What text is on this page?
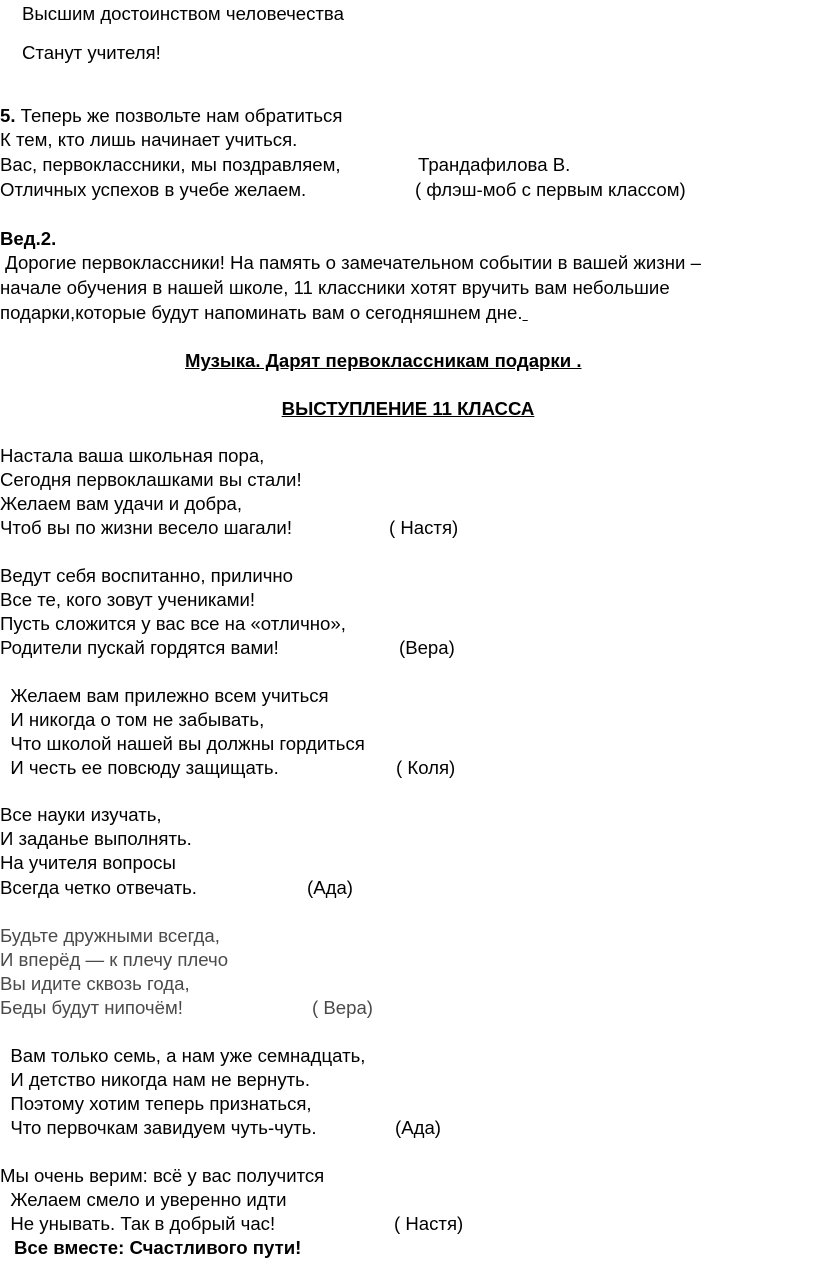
Высшим достоинством человечества
Станут учителя!
5. Теперь же позвольте нам обратиться
К тем, кто лишь начинает учиться.
Вас, первоклассники, мы поздравляем,	Трандафилова В.
Отличных успехов в учебе желаем.	( флэш-моб с первым классом)
Вед.2.
Дорогие первоклассники! На память о замечательном событии в вашей жизни –
начале обучения в нашей школе, 11 классники хотят вручить вам небольшие
подарки,которые будут напоминать вам о сегодняшнем дне.
Музыка. Дарят первоклассникам подарки .
ВЫСТУПЛЕНИЕ 11 КЛАССА
Настала ваша школьная пора,
Сегодня первоклашками вы стали!
Желаем вам удачи и добра,
Чтоб вы по жизни весело шагали!	( Настя)
Ведут себя воспитанно, прилично
Все те, кого зовут учениками!
Пусть сложится у вас все на «отлично»,
Родители пускай гордятся вами!	(Вера)
Желаем вам прилежно всем учиться
И никогда о том не забывать,
Что школой нашей вы должны гордиться
И честь ее повсюду защищать.	( Коля)
Все науки изучать,
И заданье выполнять.
На учителя вопросы
Всегда четко отвечать.	(Ада)
Будьте дружными всегда,
И вперёд — к плечу плечо
Вы идите сквозь года,
Беды будут нипочём!	( Вера)
Вам только семь, а нам уже семнадцать,
И детство никогда нам не вернуть.
Поэтому хотим теперь признаться,
Что первочкам завидуем чуть-чуть.	(Ада)
Мы очень верим: всё у вас получится
Желаем смело и уверенно идти
Не унывать. Так в добрый час!	( Настя)
Все вместе: Счастливого пути!
